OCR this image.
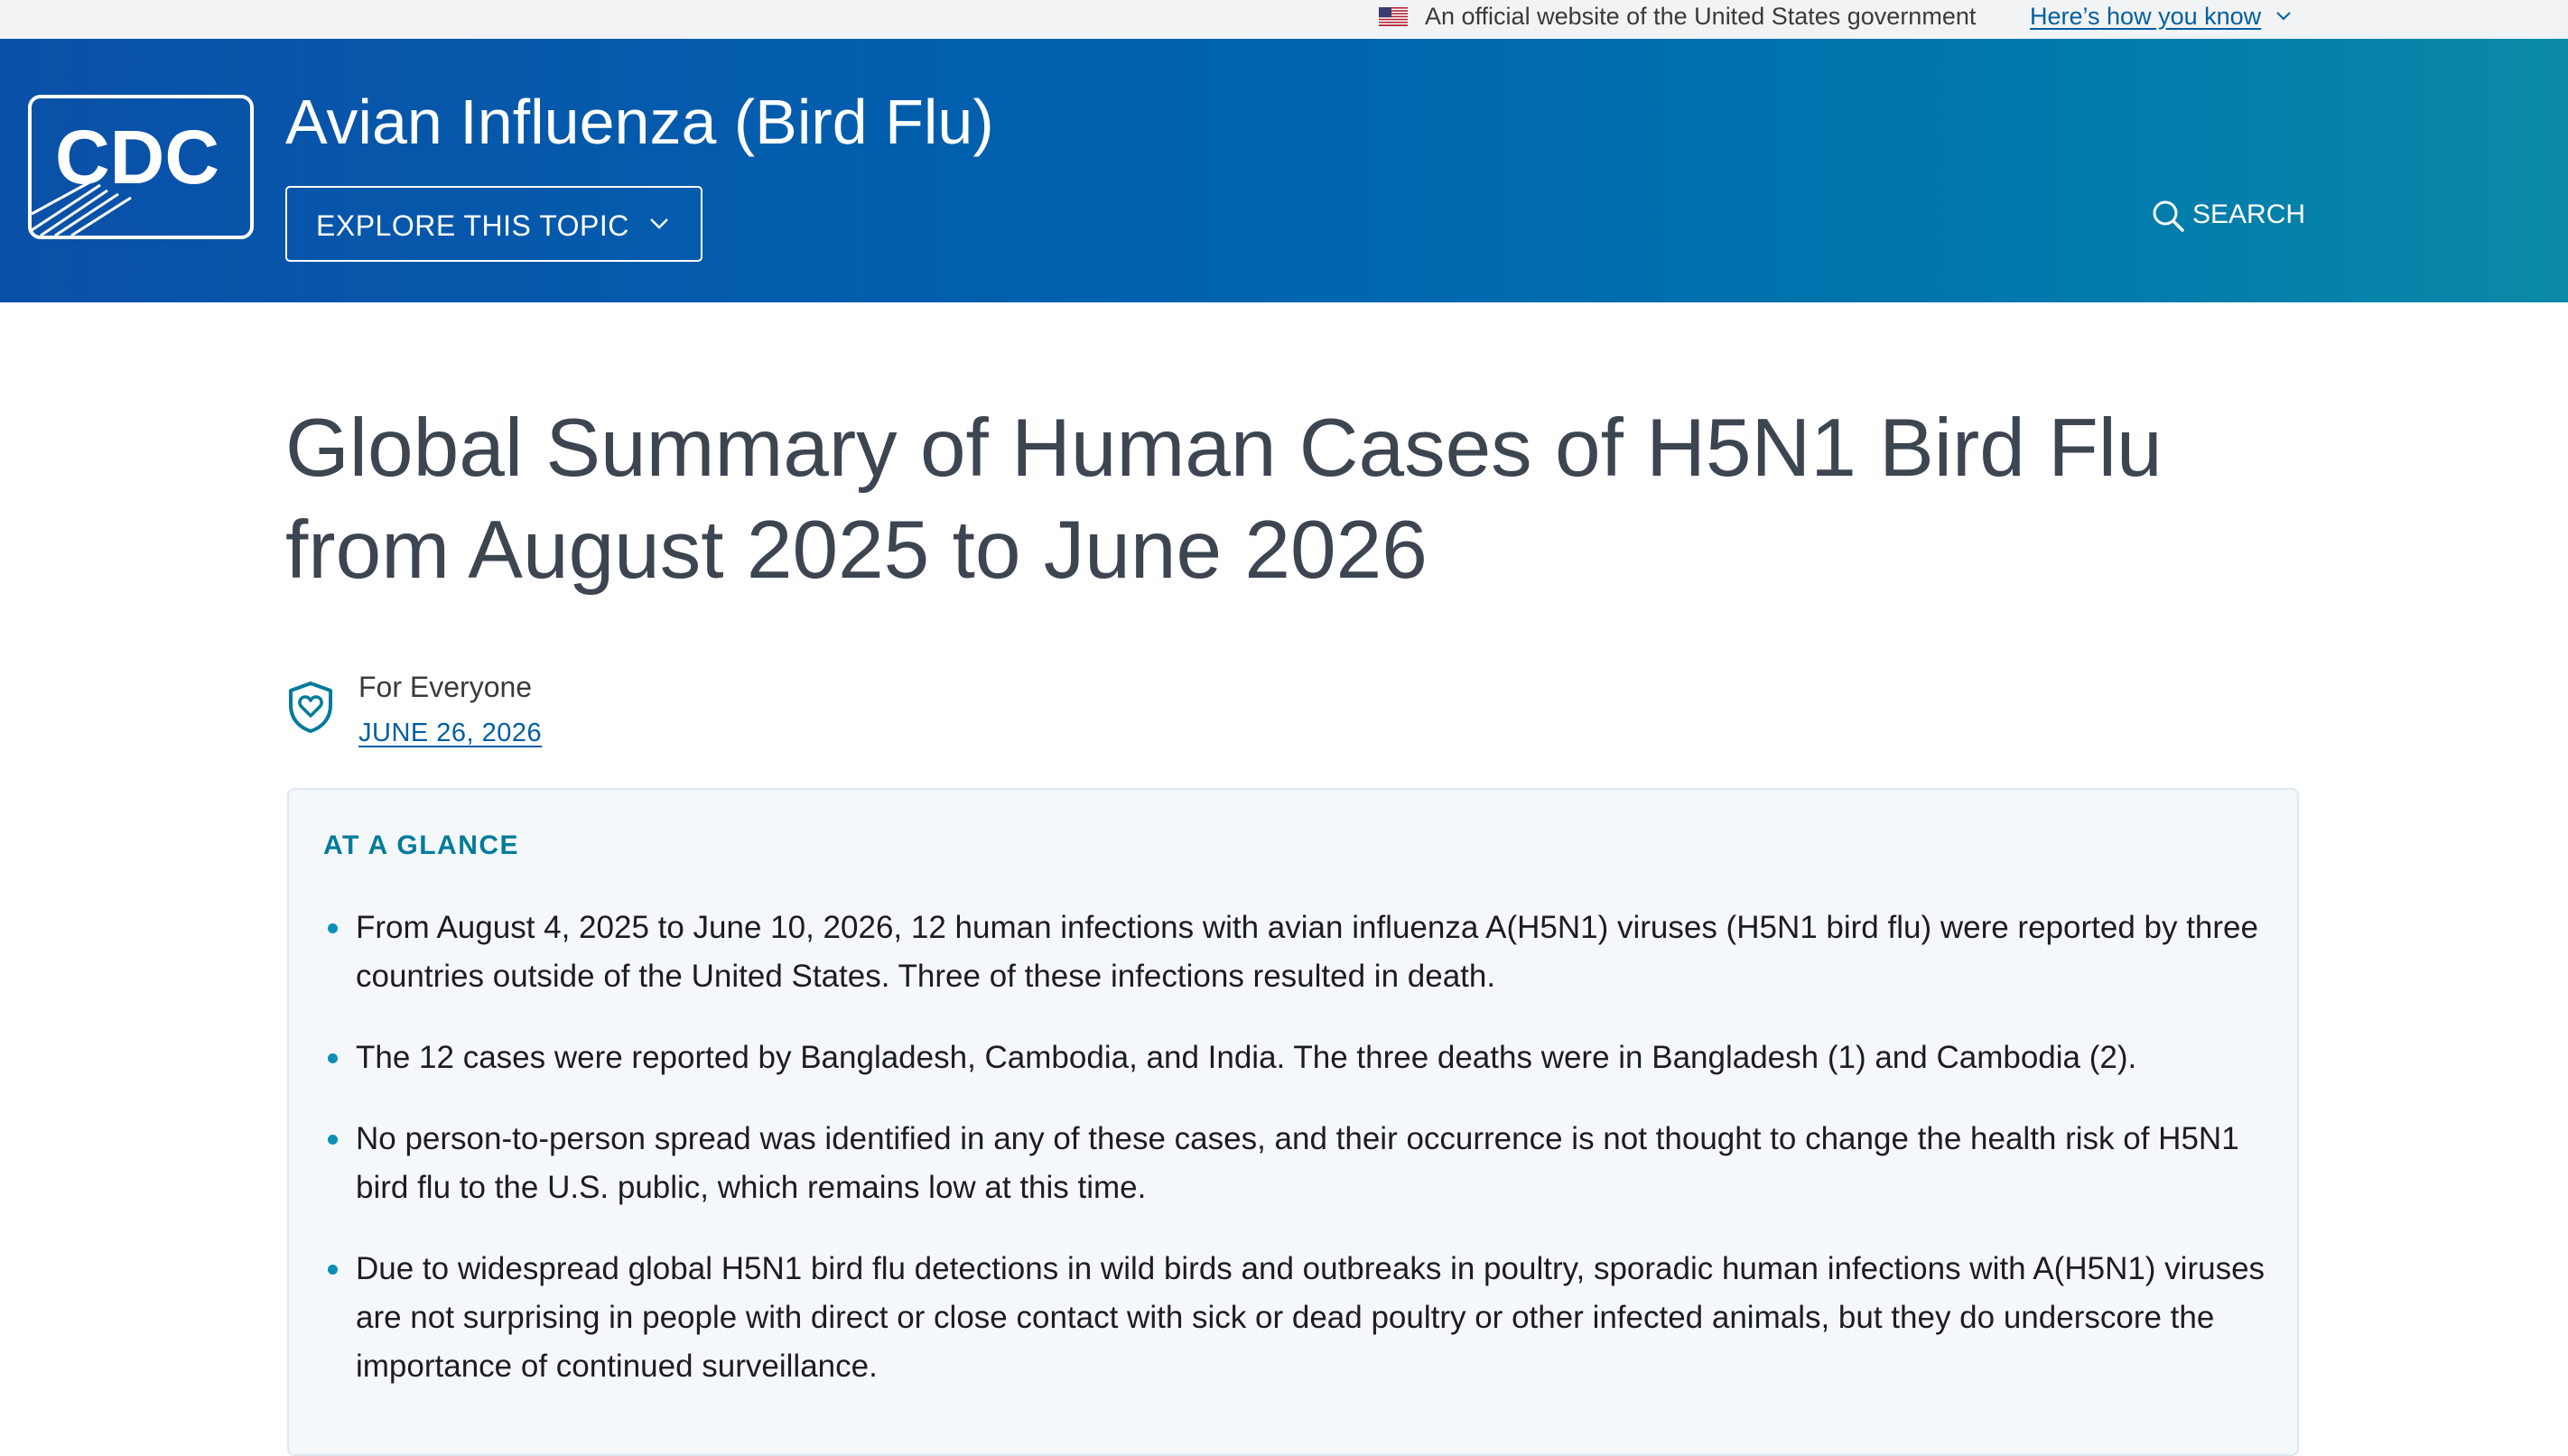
An official website of the United States government Here’s how you know
CDC Avian Influenza (Bird Flu)
EXPLORE THIS TOPIC	SEARCH
Global Summary of Human Cases of H5N1 Bird Flu from August 2025 to June 2026
For Everyone
JUNE 26, 2026
AT A GLANCE
From August 4, 2025 to June 10, 2026, 12 human infections with avian influenza A(H5N1) viruses (H5N1 bird flu) were reported by three countries outside of the United States. Three of these infections resulted in death.
The 12 cases were reported by Bangladesh, Cambodia, and India. The three deaths were in Bangladesh (1) and Cambodia (2).
No person-to-person spread was identified in any of these cases, and their occurrence is not thought to change the health risk of H5N1 bird flu to the U.S. public, which remains low at this time.
Due to widespread global H5N1 bird flu detections in wild birds and outbreaks in poultry, sporadic human infections with A(H5N1) viruses are not surprising in people with direct or close contact with sick or dead poultry or other infected animals, but they do underscore the importance of continued surveillance.
